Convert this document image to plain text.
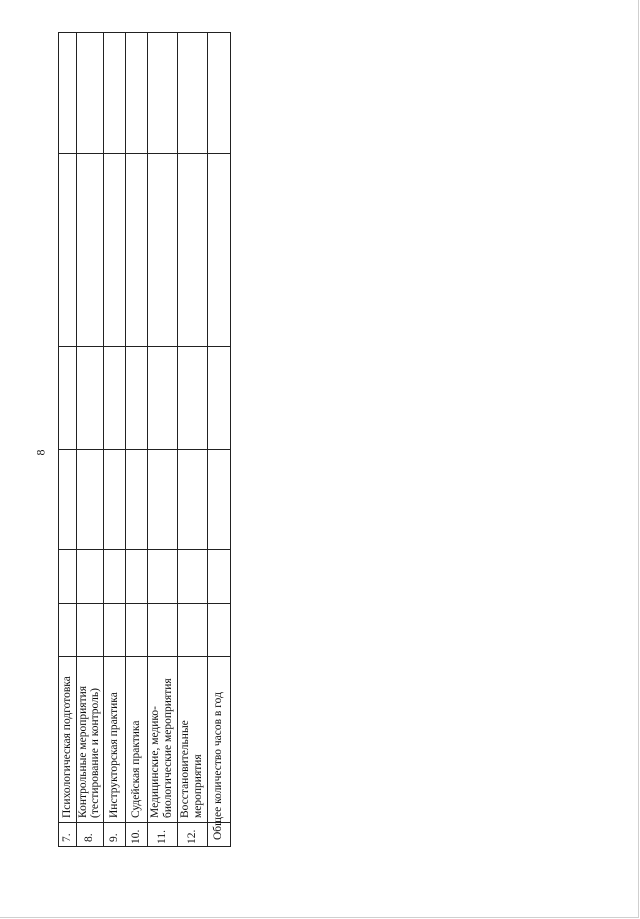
8
7.
Психологическая подготовка
8.
Контрольные мероприятия (тестирование и контроль)
9.
Инструкторская практика
10.
Судейская практика
11.
Медицинские, медико- биологические мероприятия
12.
Восстановительные мероприятия Общее количество часов в год
